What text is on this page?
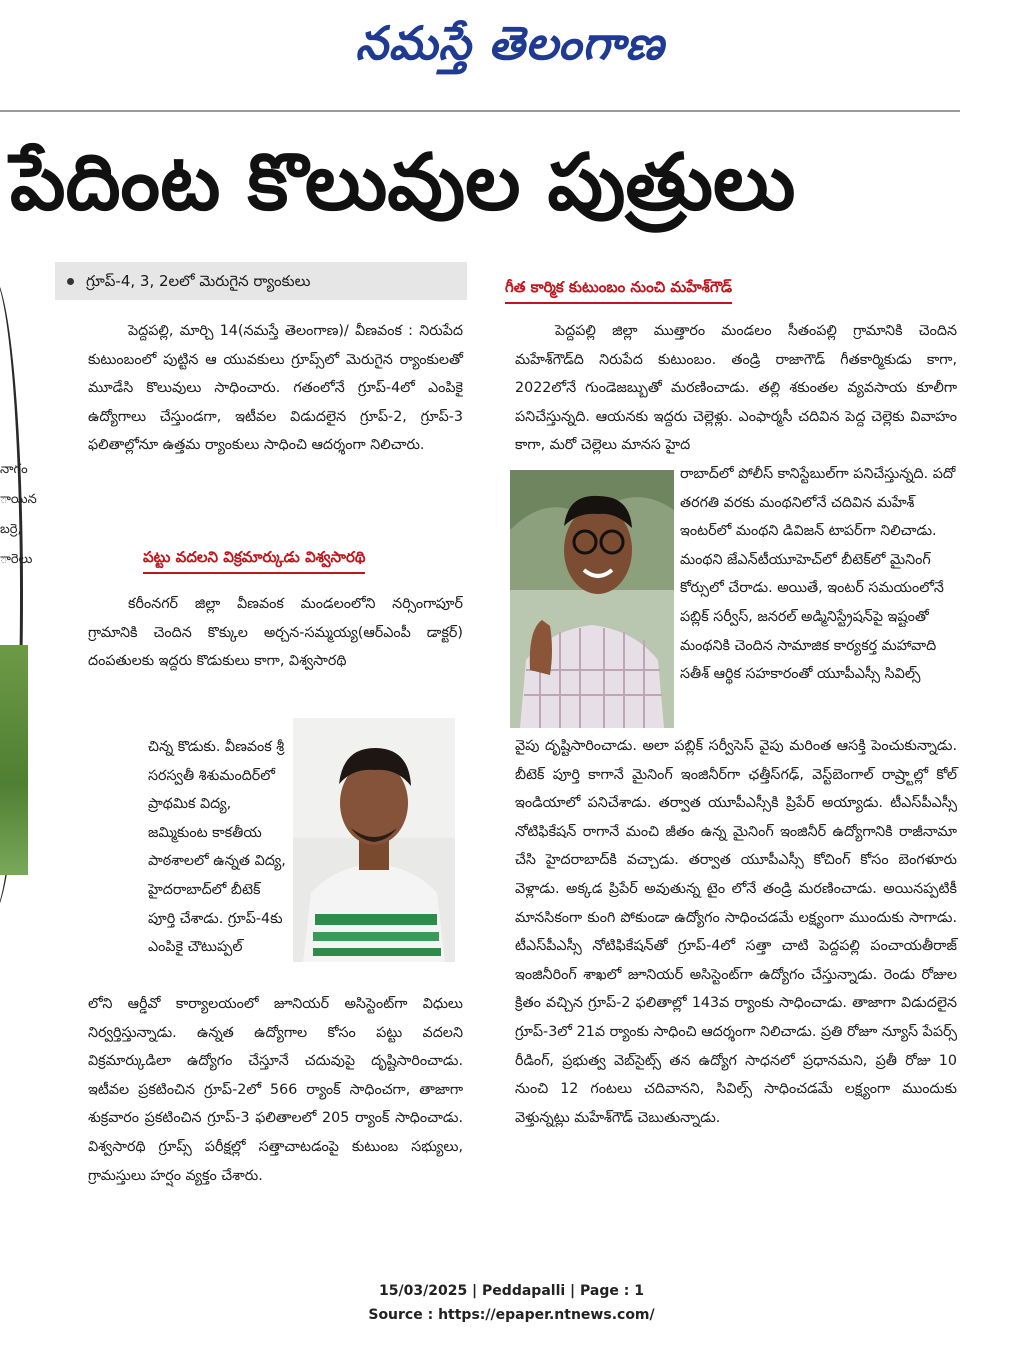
నమస్తే తెలంగాణ
పేదింట కొలువుల పుత్రులు
నాగం
ాయిన
బర్రె,
ారెలు
గ్రూప్‌-4, 3, 2లలో మెరుగైన ర్యాంకులు

పెద్దపల్లి, మార్చి 14(నమస్తే తెలంగాణ)/ వీణవంక : నిరుపేద కుటుంబంలో పుట్టిన ఆ యువకులు గ్రూప్స్‌లో మెరుగైన ర్యాంకులతో మూడేసి కొలువులు సాధించారు. గతంలోనే గ్రూప్‌-4లో ఎంపికై ఉద్యోగాలు చేస్తుండగా, ఇటీవల విడుదలైన గ్రూప్‌-2, గ్రూప్‌-3 ఫలితాల్లోనూ ఉత్తమ ర్యాంకులు సాధించి ఆదర్శంగా నిలిచారు.

పట్టు వదలని విక్రమార్కుడు విశ్వసారథి

కరీంనగర్‌ జిల్లా వీణవంక మండలంలోని నర్సింగాపూర్‌ గ్రామానికి చెందిన కొక్కుల అర్చన-సమ్మయ్య(ఆర్‌ఎంపీ డాక్టర్‌) దంపతులకు ఇద్దరు కొడుకులు కాగా, విశ్వసారథి

చిన్న కొడుకు. వీణవంక శ్రీ సరస్వతీ శిశుమందిర్‌లో ప్రాథమిక విద్య, జమ్మికుంట కాకతీయ పాఠశాలలో ఉన్నత విద్య, హైదరాబాద్‌లో బీటెక్‌ పూర్తి చేశాడు. గ్రూప్‌-4కు ఎంపికై చౌటుప్పల్‌

లోని ఆర్డీవో కార్యాలయంలో జూనియర్‌ అసిస్టెంట్‌గా విధులు నిర్వర్తిస్తున్నాడు. ఉన్నత ఉద్యోగాల కోసం పట్టు వదలని విక్రమార్కుడిలా ఉద్యోగం చేస్తూనే చదువుపై దృష్టిసారించాడు. ఇటీవల ప్రకటించిన గ్రూప్‌-2లో 566 ర్యాంక్‌ సాధించగా, తాజాగా శుక్రవారం ప్రకటించిన గ్రూప్‌-3 ఫలితాలలో 205 ర్యాంక్‌ సాధించాడు. విశ్వసారథి గ్రూప్స్‌ పరీక్షల్లో సత్తాచాటడంపై కుటుంబ సభ్యులు, గ్రామస్తులు హర్షం వ్యక్తం చేశారు.

గీత కార్మిక కుటుంబం నుంచి మహేశ్‌గౌడ్‌

పెద్దపల్లి జిల్లా ముత్తారం మండలం సీతంపల్లి గ్రామానికి చెందిన మహేశ్‌గౌడ్‌ది నిరుపేద కుటుంబం. తండ్రి రాజాగౌడ్‌ గీతకార్మికుడు కాగా, 2022లోనే గుండెజబ్బుతో మరణించాడు. తల్లి శకుంతల వ్యవసాయ కూలీగా పనిచేస్తున్నది. ఆయనకు ఇద్దరు చెల్లెళ్లు. ఎంఫార్మసీ చదివిన పెద్ద చెల్లెకు వివాహం కాగా, మరో చెల్లెలు మానస హైద

రాబాద్‌లో పోలీస్‌ కానిస్టేబుల్‌గా పనిచేస్తున్నది. పదో తరగతి వరకు మంథనిలోనే చదివిన మహేశ్‌ ఇంటర్‌లో మంథని డివిజన్‌ టాపర్‌గా నిలిచాడు. మంథని జేఎన్‌టీయూహెచ్‌లో బీటెక్‌లో మైనింగ్‌ కోర్సులో చేరాడు. అయితే, ఇంటర్‌ సమయంలోనే పబ్లిక్‌ సర్వీస్‌, జనరల్‌ అడ్మినిస్ట్రేషన్‌పై ఇష్టంతో మంథనికి చెందిన సామాజిక కార్యకర్త మహావాది సతీశ్‌ ఆర్థిక సహకారంతో యూపీఎస్సీ సివిల్స్‌

వైపు దృష్టిసారించాడు. అలా పబ్లిక్‌ సర్వీసెస్‌ వైపు మరింత ఆసక్తి పెంచుకున్నాడు. బీటెక్‌ పూర్తి కాగానే మైనింగ్‌ ఇంజినీర్‌గా ఛత్తీస్‌గఢ్‌, వెస్ట్‌బెంగాల్‌ రాష్ర్టాల్లో కోల్‌ ఇండియాలో పనిచేశాడు. తర్వాత యూపీఎస్సీకి ప్రిపేర్‌ అయ్యాడు. టీఎస్‌పీఎస్సీ నోటిఫికేషన్‌ రాగానే మంచి జీతం ఉన్న మైనింగ్‌ ఇంజినీర్‌ ఉద్యోగానికి రాజీనామా చేసి హైదరాబాద్‌కి వచ్చాడు. తర్వాత యూపీఎస్సీ కోచింగ్‌ కోసం బెంగళూరు వెళ్లాడు. అక్కడ ప్రిపేర్‌ అవుతున్న టైం లోనే తండ్రి మరణించాడు. అయినప్పటికీ మానసికంగా కుంగి పోకుండా ఉద్యోగం సాధించడమే లక్ష్యంగా ముందుకు సాగాడు. టీఎస్‌పీఎస్సీ నోటిఫికేషన్‌తో గ్రూప్‌-4లో సత్తా చాటి పెద్దపల్లి పంచాయతీరాజ్‌ ఇంజినీరింగ్‌ శాఖలో జూనియర్‌ అసిస్టెంట్‌గా ఉద్యోగం చేస్తున్నాడు. రెండు రోజుల క్రితం వచ్చిన గ్రూప్‌-2 ఫలితాల్లో 143వ ర్యాంకు సాధించాడు. తాజాగా విడుదలైన గ్రూప్‌-3లో 21వ ర్యాంకు సాధించి ఆదర్శంగా నిలిచాడు. ప్రతి రోజూ న్యూస్‌ పేపర్స్‌ రీడింగ్‌, ప్రభుత్వ వెబ్‌సైట్స్‌ తన ఉద్యోగ సాధనలో ప్రధానమని, ప్రతీ రోజు 10 నుంచి 12 గంటలు చదివానని, సివిల్స్‌ సాధించడమే లక్ష్యంగా ముందుకు వెళ్తున్నట్లు మహేశ్‌గౌడ్‌ చెబుతున్నాడు.

15/03/2025 | Peddapalli | Page : 1
Source : https://epaper.ntnews.com/
